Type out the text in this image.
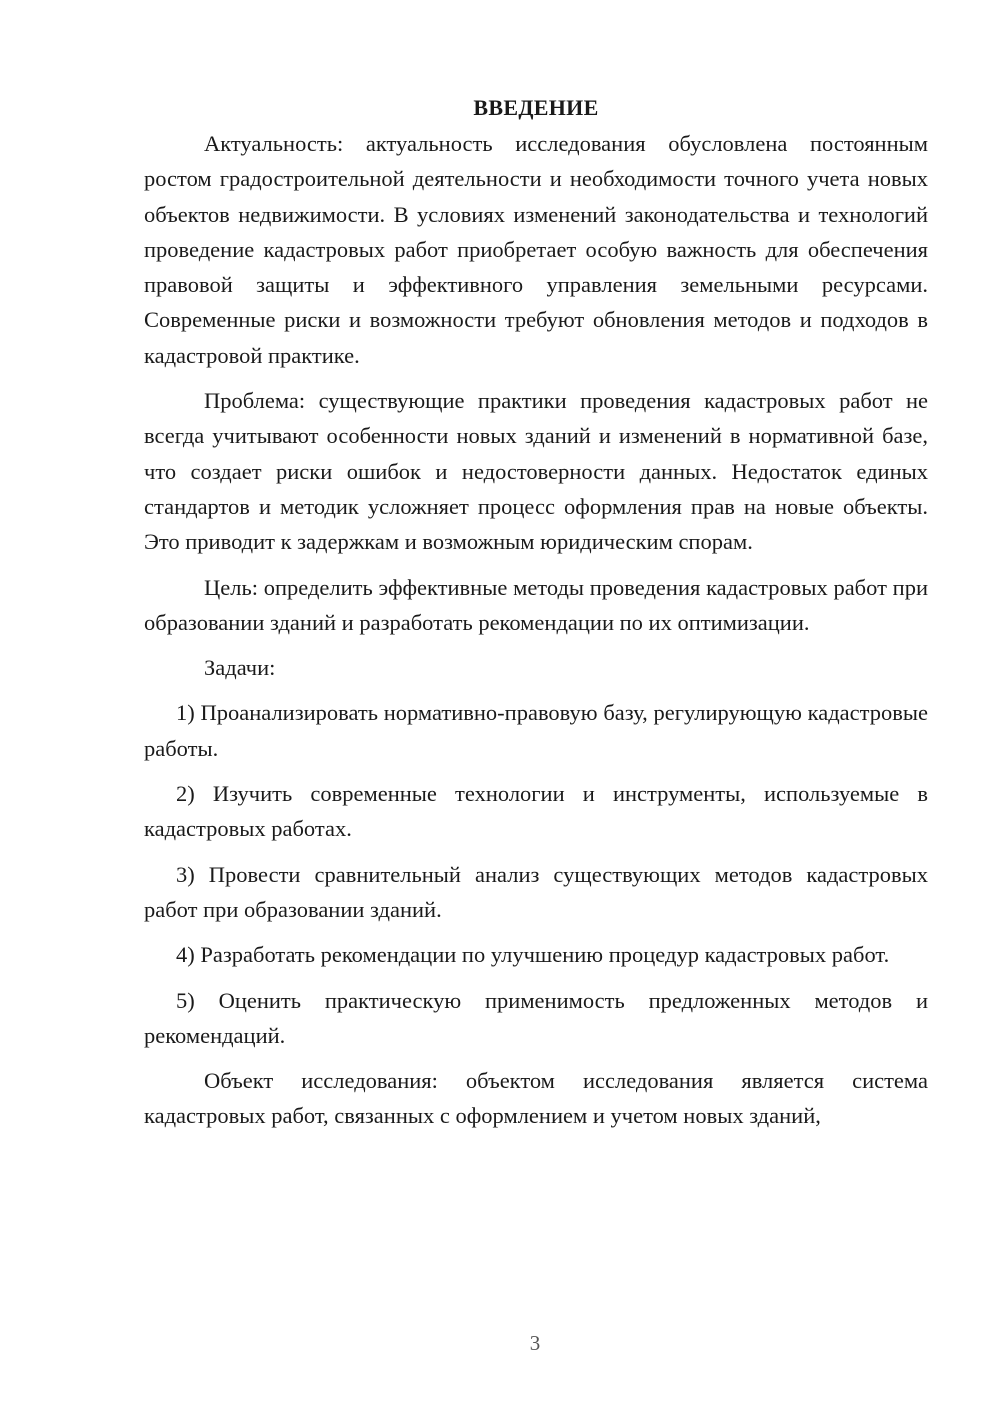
ВВЕДЕНИЕ

Актуальность: актуальность исследования обусловлена постоянным ростом градостроительной деятельности и необходимости точного учета новых объектов недвижимости. В условиях изменений законодательства и технологий проведение кадастровых работ приобретает особую важность для обеспечения правовой защиты и эффективного управления земельными ресурсами. Современные риски и возможности требуют обновления методов и подходов в кадастровой практике.

Проблема: существующие практики проведения кадастровых работ не всегда учитывают особенности новых зданий и изменений в нормативной базе, что создает риски ошибок и недостоверности данных. Недостаток единых стандартов и методик усложняет процесс оформления прав на новые объекты. Это приводит к задержкам и возможным юридическим спорам.

Цель: определить эффективные методы проведения кадастровых работ при образовании зданий и разработать рекомендации по их оптимизации.

Задачи:

1) Проанализировать нормативно-правовую базу, регулирующую кадастровые работы.

2) Изучить современные технологии и инструменты, используемые в кадастровых работах.

3) Провести сравнительный анализ существующих методов кадастровых работ при образовании зданий.

4) Разработать рекомендации по улучшению процедур кадастровых работ.

5) Оценить практическую применимость предложенных методов и рекомендаций.

Объект исследования: объектом исследования является система кадастровых работ, связанных с оформлением и учетом новых зданий,

3
